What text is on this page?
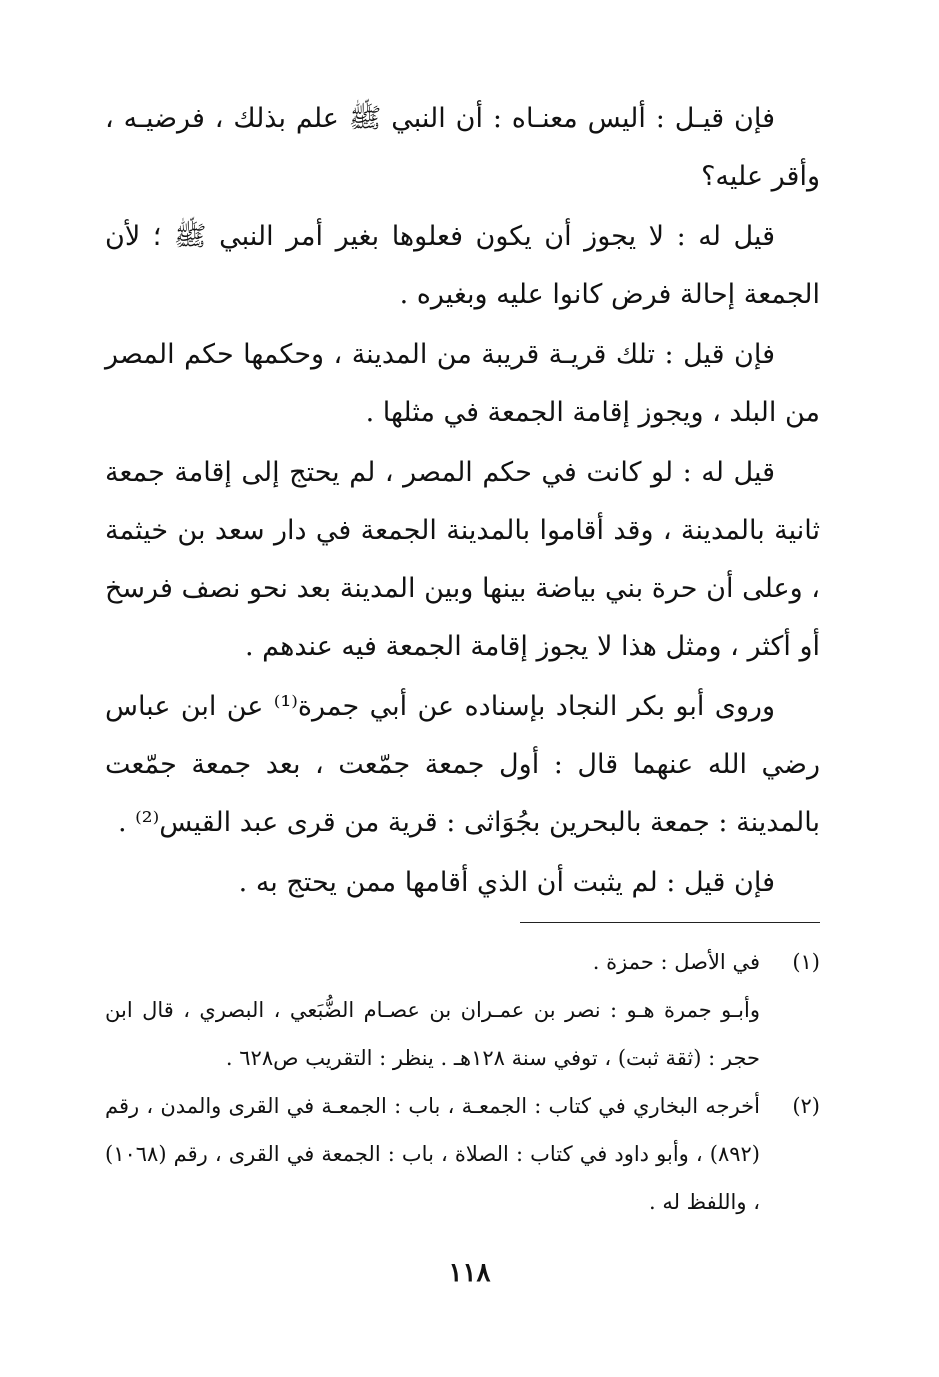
فإن قيـل : أليس معنـاه : أن النبي ﷺ علم بذلك ، فرضيـه ، وأقر عليه؟

قيل له : لا يجوز أن يكون فعلوها بغير أمر النبي ﷺ ؛ لأن الجمعة إحالة فرض كانوا عليه وبغيره .

فإن قيل : تلك قريـة قريبة من المدينة ، وحكمها حكم المصر من البلد ، ويجوز إقامة الجمعة في مثلها .

قيل له : لو كانت في حكم المصر ، لم يحتج إلى إقامة جمعة ثانية بالمدينة ، وقد أقاموا بالمدينة الجمعة في دار سعد بن خيثمة ، وعلى أن حرة بني بياضة بينها وبين المدينة بعد نحو نصف فرسخ أو أكثر ، ومثل هذا لا يجوز إقامة الجمعة فيه عندهم .

وروى أبو بكر النجاد بإسناده عن أبي جمرة⁽¹⁾ عن ابن عباس رضي الله عنهما قال : أول جمعة جمّعت ، بعد جمعة جمّعت بالمدينة : جمعة بالبحرين بجُوَاثى : قرية من قرى عبد القيس⁽²⁾ .

فإن قيل : لم يثبت أن الذي أقامها ممن يحتج به .

(١)
في الأصل : حمزة .
وأبـو جمرة هـو : نصر بن عمـران بن عصـام الضُّبَعي ، البصري ، قال ابن حجر : (ثقة ثبت) ، توفي سنة ١٢٨هـ . ينظر : التقريب ص٦٢٨ .
(٢)
أخرجه البخاري في كتاب : الجمعـة ، باب : الجمعـة في القرى والمدن ، رقم (٨٩٢) ، وأبو داود في كتاب : الصلاة ، باب : الجمعة في القرى ، رقم (١٠٦٨) ، واللفظ له .
١١٨
